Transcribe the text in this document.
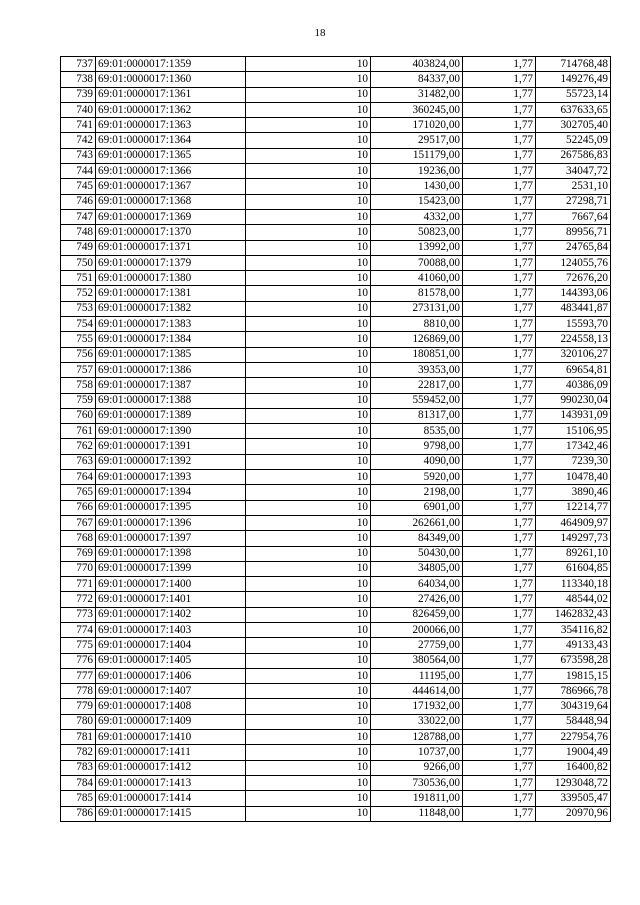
18
737	69:01:0000017:1359	10	403824,00	1,77	714768,48
738	69:01:0000017:1360	10	84337,00	1,77	149276,49
739	69:01:0000017:1361	10	31482,00	1,77	55723,14
740	69:01:0000017:1362	10	360245,00	1,77	637633,65
741	69:01:0000017:1363	10	171020,00	1,77	302705,40
742	69:01:0000017:1364	10	29517,00	1,77	52245,09
743	69:01:0000017:1365	10	151179,00	1,77	267586,83
744	69:01:0000017:1366	10	19236,00	1,77	34047,72
745	69:01:0000017:1367	10	1430,00	1,77	2531,10
746	69:01:0000017:1368	10	15423,00	1,77	27298,71
747	69:01:0000017:1369	10	4332,00	1,77	7667,64
748	69:01:0000017:1370	10	50823,00	1,77	89956,71
749	69:01:0000017:1371	10	13992,00	1,77	24765,84
750	69:01:0000017:1379	10	70088,00	1,77	124055,76
751	69:01:0000017:1380	10	41060,00	1,77	72676,20
752	69:01:0000017:1381	10	81578,00	1,77	144393,06
753	69:01:0000017:1382	10	273131,00	1,77	483441,87
754	69:01:0000017:1383	10	8810,00	1,77	15593,70
755	69:01:0000017:1384	10	126869,00	1,77	224558,13
756	69:01:0000017:1385	10	180851,00	1,77	320106,27
757	69:01:0000017:1386	10	39353,00	1,77	69654,81
758	69:01:0000017:1387	10	22817,00	1,77	40386,09
759	69:01:0000017:1388	10	559452,00	1,77	990230,04
760	69:01:0000017:1389	10	81317,00	1,77	143931,09
761	69:01:0000017:1390	10	8535,00	1,77	15106,95
762	69:01:0000017:1391	10	9798,00	1,77	17342,46
763	69:01:0000017:1392	10	4090,00	1,77	7239,30
764	69:01:0000017:1393	10	5920,00	1,77	10478,40
765	69:01:0000017:1394	10	2198,00	1,77	3890,46
766	69:01:0000017:1395	10	6901,00	1,77	12214,77
767	69:01:0000017:1396	10	262661,00	1,77	464909,97
768	69:01:0000017:1397	10	84349,00	1,77	149297,73
769	69:01:0000017:1398	10	50430,00	1,77	89261,10
770	69:01:0000017:1399	10	34805,00	1,77	61604,85
771	69:01:0000017:1400	10	64034,00	1,77	113340,18
772	69:01:0000017:1401	10	27426,00	1,77	48544,02
773	69:01:0000017:1402	10	826459,00	1,77	1462832,43
774	69:01:0000017:1403	10	200066,00	1,77	354116,82
775	69:01:0000017:1404	10	27759,00	1,77	49133,43
776	69:01:0000017:1405	10	380564,00	1,77	673598,28
777	69:01:0000017:1406	10	11195,00	1,77	19815,15
778	69:01:0000017:1407	10	444614,00	1,77	786966,78
779	69:01:0000017:1408	10	171932,00	1,77	304319,64
780	69:01:0000017:1409	10	33022,00	1,77	58448,94
781	69:01:0000017:1410	10	128788,00	1,77	227954,76
782	69:01:0000017:1411	10	10737,00	1,77	19004,49
783	69:01:0000017:1412	10	9266,00	1,77	16400,82
784	69:01:0000017:1413	10	730536,00	1,77	1293048,72
785	69:01:0000017:1414	10	191811,00	1,77	339505,47
786	69:01:0000017:1415	10	11848,00	1,77	20970,96
